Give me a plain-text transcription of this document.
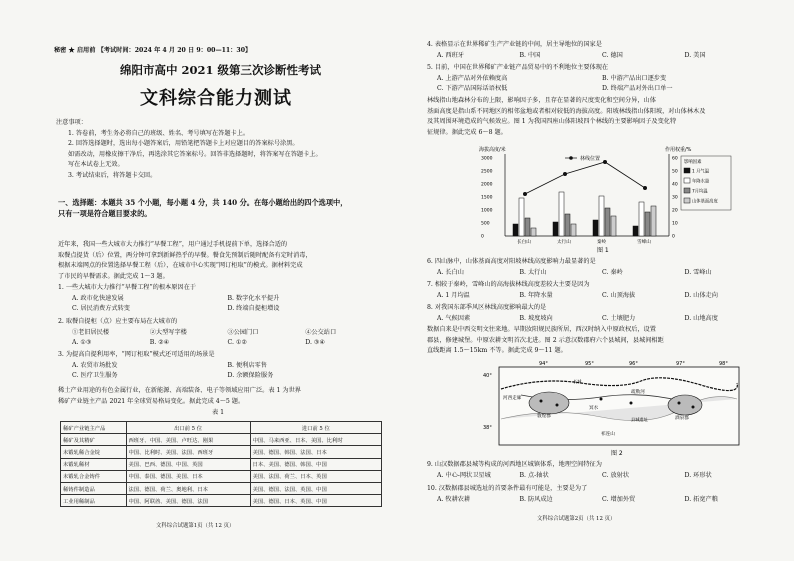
秘密 ★ 启用前 【考试时间：2024 年 4 月 20 日 9：00—11：30】
绵阳市高中 2021 级第三次诊断性考试
文科综合能力测试
注意事项：
1. 答卷前，考生务必将自己的班级、姓名、考号填写在答题卡上。
2. 回答选择题时，选出每小题答案后，用铅笔把答题卡上对应题目的答案标号涂黑。
如需改动，用橡皮擦干净后，再选涂其它答案标号。回答非选择题时，将答案写在答题卡上。
写在本试卷上无效。
3. 考试结束后，将答题卡交回。
一、选择题：本题共 35 个小题，每小题 4 分，共 140 分。在每小题给出的四个选项中，
只有一项是符合题目要求的。
近年来，我国一些大城市大力推行“早餐工程”，用户通过手机提前下单，选择合适的
取餐点提货（后）位置，两分钟可拿到新鲜热乎的早餐。餐食先预制后随时配备有定时消毒，
根据末端网点的位置选择早餐工程（后），在城市中心实现“网订柜取”的模式。据材料完成
了市民的早餐需求。据此完成 1～3 题。
1. 一些大城市大力推行“早餐工程”的根本原因在于
A. 政市化快速发展	B. 数字化水平提升
C. 居民消费方式转变	D. 终端自提柜增设
2. 取餐自提柜（点）应主要布局在大城市的
①老旧居民楼	②大型写字楼	③公园门口	④公交站口
A. ①③	B. ②④	C. ①②	D. ③④
3. 为提高自提利用率，“网订柜取”模式还可适用的场景是
A. 农贸市场批发	B. 便利店零售
C. 医疗卫生服务	D. 余额保险服务
稀土产业用途的有色金属行业，在新能源、高端装备、电子等领域应用广泛。表 1 为世界
稀矿产业链主产品 2021 年全球贸易格局变化。据此完成 4～5 题。
表 1
稀矿产业链主产品	出口前 5 位	进口前 5 位
稀矿及其精矿	西班牙、中国、美国、卢旺达、刚果	中国、马来西亚、日本、美国、比利时
未锻轧稀合金锭	中国、比利时、美国、法国、西班牙	美国、德国、韩国、法国、日本
未锻轧稀材	美国、巴西、德国、中国、英国	日本、美国、德国、韩国、中国
未锻轧合金铸件	中国、泰国、德国、美国、日本	美国、法国、荷兰、日本、英国
稀铸件制造品	法国、德国、荷兰、奥地利、日本	美国、德国、法国、英国、中国
工业用稀制品	中国、阿联酋、美国、德国、法国	美国、德国、日本、英国、中国
文科综合试题第1页（共 12 页）
4. 表格显示在世界稀矿生产产业链的中间，居主导地位的国家是
A. 西班牙	B. 中国	C. 德国	D. 美国
5. 目前，中国在世界稀矿产业链产品贸易中的不利地位主要体现在
A. 上游产品对外依赖度高	B. 中游产品出口逐步变
C. 下游产品国际话语权低	D. 终端产品对外出口单一
林线指山地森林分布的上限，影响因子多，且存在显著的尺度变化和空间分异，山体
基面高度是指山系不同地区的相邻盆地或者相对较低的海拔高度。阳坡林线指山体阳坡，对山体林木及
及其周围环境造成的气候效应。图 1 为我国四座山体阳坡四个林线的主要影响因子及变化特
征规律。据此完成 6～8 题。
海拔高度/米	作用权重/%
0	0
500	10
1000	20
1500	30
2000	40
2500	50
3000	60
长白山	太行山	秦岭	雪峰山
影响因素
1 月气温
年降水量
7月均温
山体基面高度
林线位置
图 1
6. 四山脉中，山体基面高度对阳坡林线高度影响力最显著的是
A. 长白山	B. 太行山	C. 秦岭	D. 雪峰山
7. 相较于秦岭，雪峰山的高海拔林线高度差较大主要是因为
A. 1 月均温	B. 年降水量	C. 山顶海拔	D. 山体走向
8. 对我国东部季风区林线高度影响最大的是
A. 气候因素	B. 坡度坡向	C. 土壤肥力	D. 山地高度
数据自来是中西交明文往来地。早期汝阳规民族所居，西汉时纳入中原政权后，设置
郡县，修建城堡。中原农耕文明首次北进。图 2 示意汉数郡府六个县城间，县城间相距
直线距离 1.5～15km 不等。据此完成 9～11 题。
94°	95°	96°	97°	98°
40°
38°
河西走廊
疏勒河
冥水
敦煌郡	酒泉郡
祁连山
县城遗址
长城
图 2
9. 山汉数据郡县城等构成的河西地区城镇体系，地理空间特征为
A. 中心-网状卫星城	B. 点-轴状	C. 放射状	D. 环形状
10. 汉数据郡县城选址的首要条件最有可能是，主要是为了
A. 牧耕农耕	B. 防风成边	C. 增加外贸	D. 拓宽产粮
文科综合试题第2页（共 12 页）
